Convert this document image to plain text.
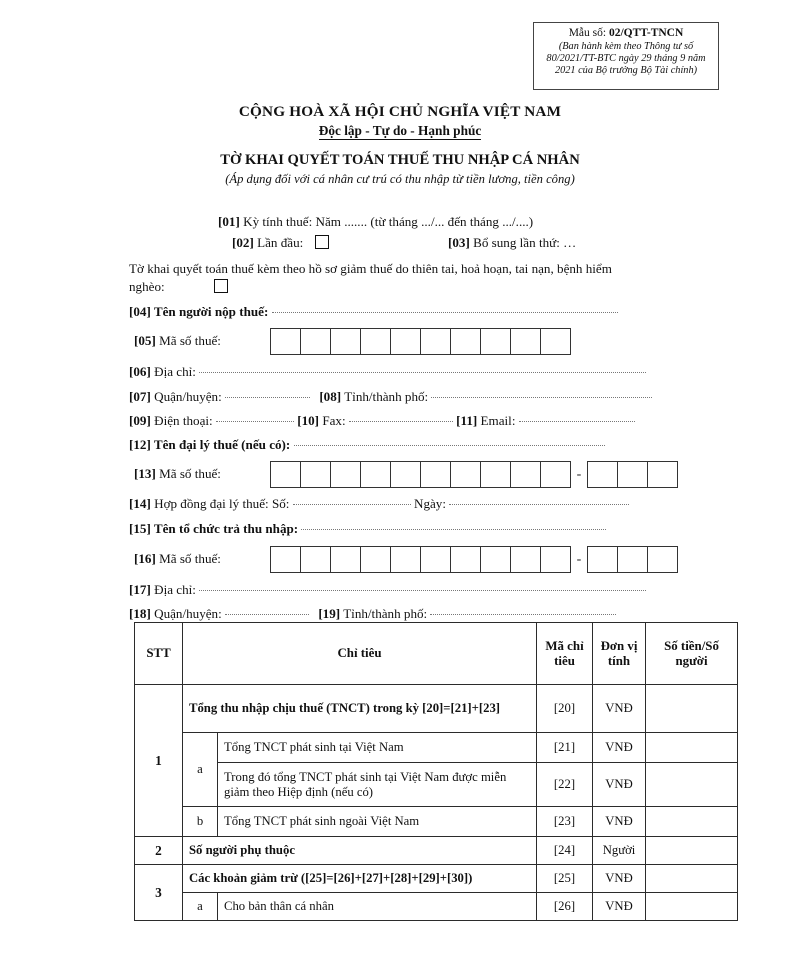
Mẫu số: 02/QTT-TNCN
(Ban hành kèm theo Thông tư số
80/2021/TT-BTC ngày 29 tháng 9 năm
2021 của Bộ trưởng Bộ Tài chính)
CỘNG HOÀ XÃ HỘI CHỦ NGHĨA VIỆT NAM
Độc lập - Tự do - Hạnh phúc
TỜ KHAI QUYẾT TOÁN THUẾ THU NHẬP CÁ NHÂN
(Áp dụng đối với cá nhân cư trú có thu nhập từ tiền lương, tiền công)
[01] Kỳ tính thuế: Năm ....... (từ tháng .../... đến tháng .../....)
[02] Lần đầu:	[03] Bổ sung lần thứ: …
Tờ khai quyết toán thuế kèm theo hồ sơ giảm thuế do thiên tai, hoả hoạn, tai nạn, bệnh hiểm
nghèo:
[04] Tên người nộp thuế:
[05] Mã số thuế:
[06] Địa chỉ:
[07] Quận/huyện:	[08] Tỉnh/thành phố:
[09] Điện thoại:	[10] Fax:	[11] Email:
[12] Tên đại lý thuế (nếu có):
[13] Mã số thuế:	-
[14] Hợp đồng đại lý thuế: Số:	Ngày:
[15] Tên tổ chức trả thu nhập:
[16] Mã số thuế:	-
[17] Địa chỉ:
[18] Quận/huyện:	[19] Tỉnh/thành phố:
STT	Chỉ tiêu		Mã chỉ tiêu	Đơn vị tính	Số tiền/Số người
1	Tổng thu nhập chịu thuế (TNCT) trong kỳ [20]=[21]+[23]		[20]	VNĐ	
	a	Tổng TNCT phát sinh tại Việt Nam	[21]	VNĐ	
		Trong đó tổng TNCT phát sinh tại Việt Nam được miễn giảm theo Hiệp định (nếu có)	[22]	VNĐ	
	b	Tổng TNCT phát sinh ngoài Việt Nam	[23]	VNĐ	
2	Số người phụ thuộc		[24]	Người	
3	Các khoản giảm trừ ([25]=[26]+[27]+[28]+[29]+[30])		[25]	VNĐ	
	a	Cho bản thân cá nhân	[26]	VNĐ	
